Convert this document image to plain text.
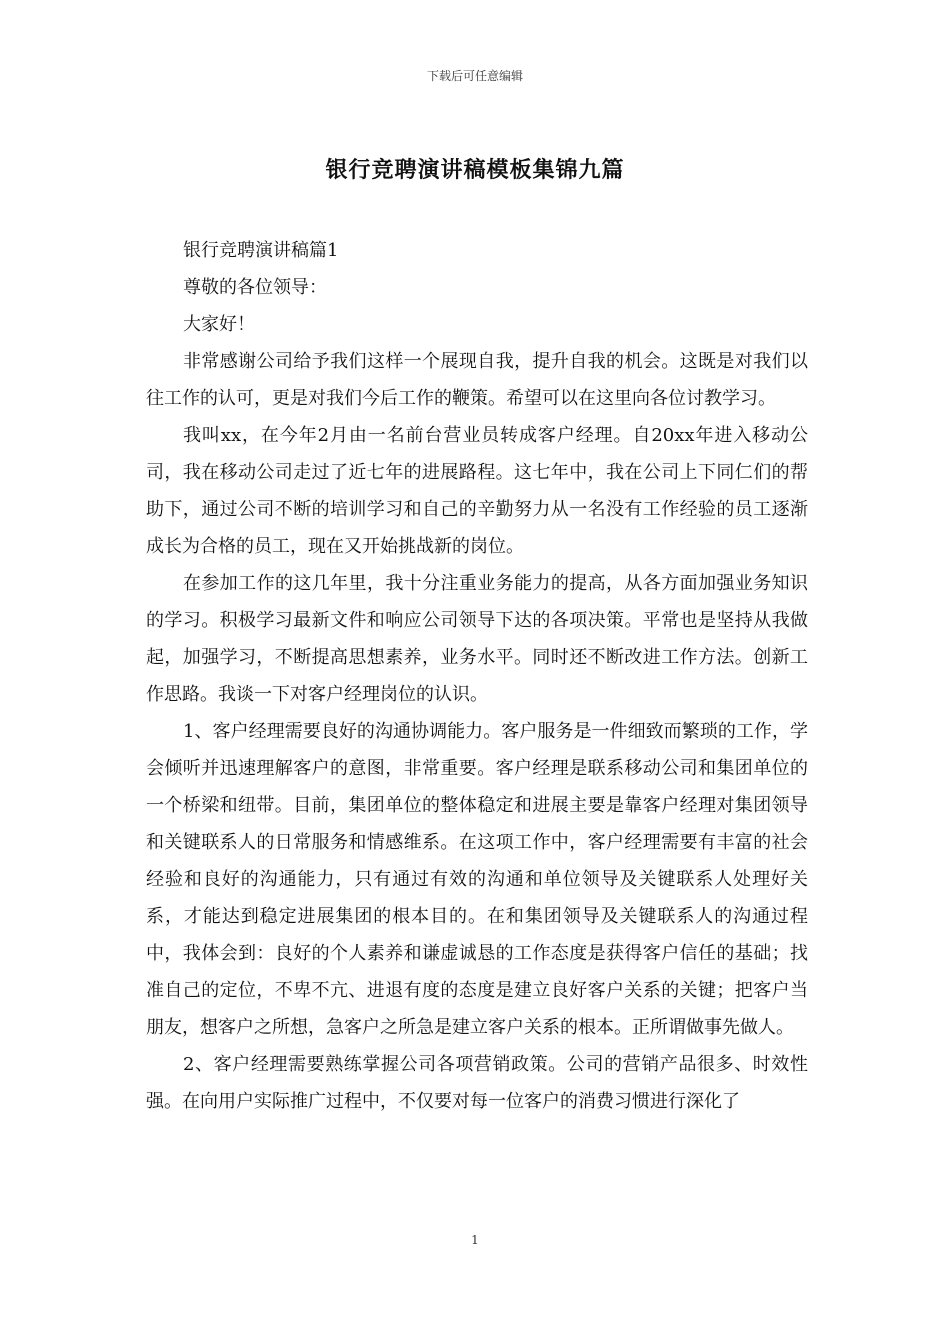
下载后可任意编辑
银行竞聘演讲稿模板集锦九篇

银行竞聘演讲稿篇1

尊敬的各位领导：

大家好！

非常感谢公司给予我们这样一个展现自我，提升自我的机会。这既是对我们以往工作的认可，更是对我们今后工作的鞭策。希望可以在这里向各位讨教学习。

我叫xx，在今年2月由一名前台营业员转成客户经理。自20xx年进入移动公司，我在移动公司走过了近七年的进展路程。这七年中，我在公司上下同仁们的帮助下，通过公司不断的培训学习和自己的辛勤努力从一名没有工作经验的员工逐渐成长为合格的员工，现在又开始挑战新的岗位。

在参加工作的这几年里，我十分注重业务能力的提高，从各方面加强业务知识的学习。积极学习最新文件和响应公司领导下达的各项决策。平常也是坚持从我做起，加强学习，不断提高思想素养，业务水平。同时还不断改进工作方法。创新工作思路。我谈一下对客户经理岗位的认识。

1、客户经理需要良好的沟通协调能力。客户服务是一件细致而繁琐的工作，学会倾听并迅速理解客户的意图，非常重要。客户经理是联系移动公司和集团单位的一个桥梁和纽带。目前，集团单位的整体稳定和进展主要是靠客户经理对集团领导和关键联系人的日常服务和情感维系。在这项工作中，客户经理需要有丰富的社会经验和良好的沟通能力，只有通过有效的沟通和单位领导及关键联系人处理好关系，才能达到稳定进展集团的根本目的。在和集团领导及关键联系人的沟通过程中，我体会到：良好的个人素养和谦虚诚恳的工作态度是获得客户信任的基础；找准自己的定位，不卑不亢、进退有度的态度是建立良好客户关系的关键；把客户当朋友，想客户之所想，急客户之所急是建立客户关系的根本。正所谓做事先做人。

2、客户经理需要熟练掌握公司各项营销政策。公司的营销产品很多、时效性强。在向用户实际推广过程中，不仅要对每一位客户的消费习惯进行深化了

1
